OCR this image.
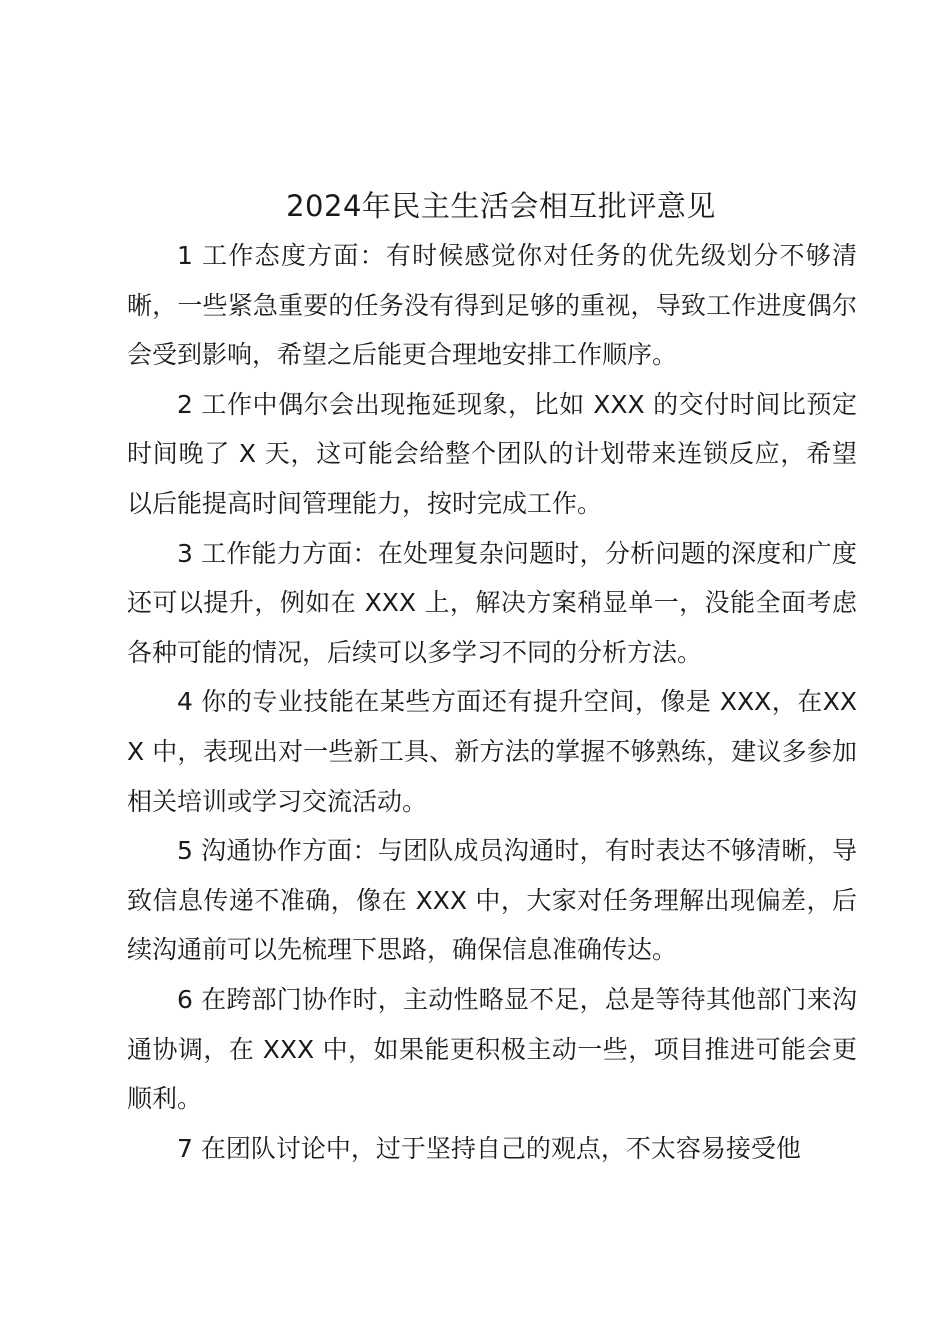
2024年民主生活会相互批评意见

1 工作态度方面：有时候感觉你对任务的优先级划分不够清晰，一些紧急重要的任务没有得到足够的重视，导致工作进度偶尔会受到影响，希望之后能更合理地安排工作顺序。

2 工作中偶尔会出现拖延现象，比如 XXX 的交付时间比预定时间晚了 X 天，这可能会给整个团队的计划带来连锁反应，希望以后能提高时间管理能力，按时完成工作。

3 工作能力方面：在处理复杂问题时，分析问题的深度和广度还可以提升，例如在 XXX 上，解决方案稍显单一，没能全面考虑各种可能的情况，后续可以多学习不同的分析方法。

4 你的专业技能在某些方面还有提升空间，像是 XXX，在XXX 中，表现出对一些新工具、新方法的掌握不够熟练，建议多参加相关培训或学习交流活动。

5 沟通协作方面：与团队成员沟通时，有时表达不够清晰，导致信息传递不准确，像在 XXX 中，大家对任务理解出现偏差，后续沟通前可以先梳理下思路，确保信息准确传达。

6 在跨部门协作时，主动性略显不足，总是等待其他部门来沟通协调，在 XXX 中，如果能更积极主动一些，项目推进可能会更顺利。

7 在团队讨论中，过于坚持自己的观点，不太容易接受他
